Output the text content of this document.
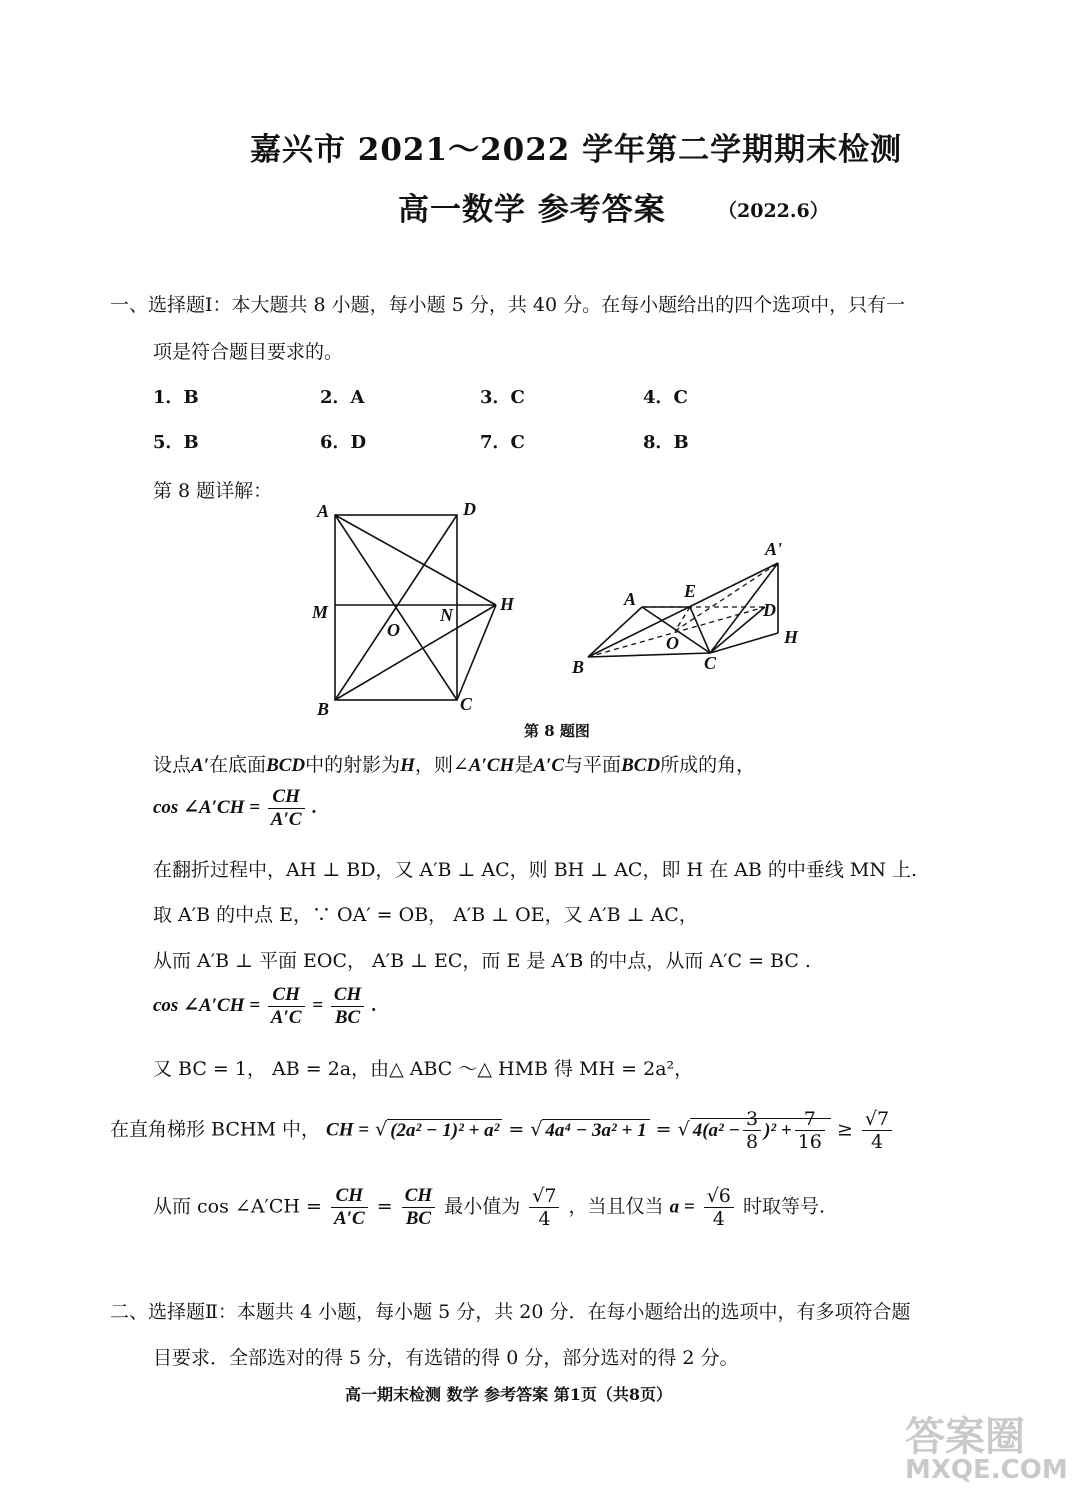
嘉兴市 2021～2022 学年第二学期期末检测
高一数学 参考答案	（2022.6）
一、选择题Ⅰ：本大题共 8 小题，每小题 5 分，共 40 分。在每小题给出的四个选项中，只有一
项是符合题目要求的。
1．B	2．A	3．C	4．C
5．B	6．D	7．C	8．B
第 8 题详解：
A	D
M	N
H
O
B	C
A'
A	E
D
O	H
B	C
第 8 题图
设点A′在底面BCD中的射影为H，则∠A′CH是A′C与平面BCD所成的角，
cos ∠A′CH = $\frac{CH}{A'C}$ .
在翻折过程中，AH ⊥ BD，又 A′B ⊥ AC，则 BH ⊥ AC，即 H 在 AB 的中垂线 MN 上.
取 A′B 的中点 E，∵ OA′ = OB， A′B ⊥ OE，又 A′B ⊥ AC，
从而 A′B ⊥ 平面 EOC， A′B ⊥ EC，而 E 是 A′B 的中点，从而 A′C = BC .
cos ∠A′CH = $\frac{CH}{A'C} = \frac{CH}{BC}$ .
又 BC = 1， AB = 2a，由△ ABC ～△ HMB 得 MH = 2a²，
在直角梯形 BCHM 中， CH = √ (2a² − 1)² + a² = √ 4a⁴ − 3a² + 1 = √ $4(a^2 - \frac{3}{8} )^2 + \frac{7}{16} \ge \frac{√7}{4}$
从而 cos ∠A′CH = $\frac{CH}{A'C} = \frac{CH}{BC}$ 最小值为 $\frac{√7}{4}$ ，当且仅当 $a = \frac{√6}{4}$ 时取等号.
二、选择题Ⅱ：本题共 4 小题，每小题 5 分，共 20 分．在每小题给出的选项中，有多项符合题
目要求．全部选对的得 5 分，有选错的得 0 分，部分选对的得 2 分。
高一期末检测 数学 参考答案 第1页（共8页）
答案圈
MXQE.COM
